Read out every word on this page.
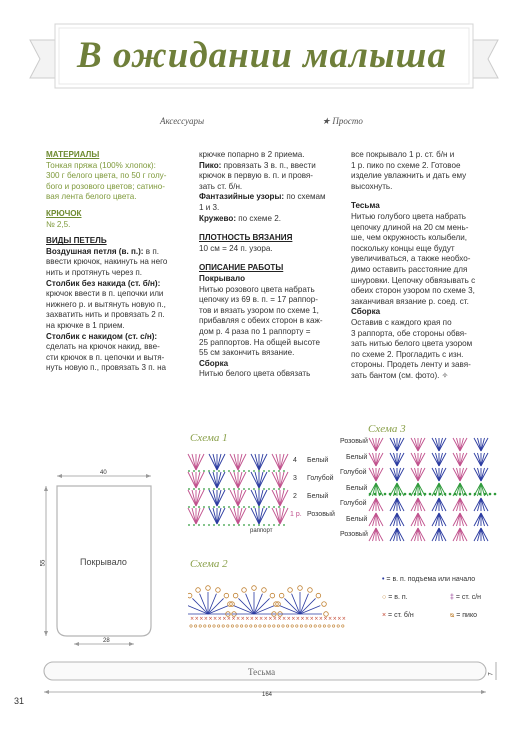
В ожидании малыша
Аксессуары	★ Просто

МАТЕРИАЛЫ

Тонкая пряжа (100% хлопок):

300 г белого цвета, по 50 г голу-

бого и розового цветов; сатино-

вая лента белого цвета.

КРЮЧОК

№ 2,5.

ВИДЫ ПЕТЕЛЬ

Воздушная петля (в. п.): в п.

ввести крючок, накинуть на него

нить и протянуть через п.

Столбик без накида (ст. б/н):

крючок ввести в п. цепочки или

нижнего р. и вытянуть новую п.,

захватить нить и провязать 2 п.

на крючке в 1 прием.

Столбик с накидом (ст. с/н):

сделать на крючок накид, вве-

сти крючок в п. цепочки и вытя-

нуть новую п., провязать 3 п. на

крючке попарно в 2 приема.

Пико: провязать 3 в. п., ввести

крючок в первую в. п. и провя-

зать ст. б/н.

Фантазийные узоры: по схемам

1 и 3.

Кружево: по схеме 2.

ПЛОТНОСТЬ ВЯЗАНИЯ

10 см = 24 п. узора.

ОПИСАНИЕ РАБОТЫ

Покрывало

Нитью розового цвета набрать

цепочку из 69 в. п. = 17 раппор-

тов и вязать узором по схеме 1,

прибавляя с обеих сторон в каж-

дом р. 4 раза по 1 раппорту =

25 раппортов. На общей высоте

55 см закончить вязание.

Сборка

Нитью белого цвета обвязать

все покрывало 1 р. ст. б/н и

1 р. пико по схеме 2. Готовое

изделие увлажнить и дать ему

высохнуть.

Тесьма

Нитью голубого цвета набрать

цепочку длиной на 20 см мень-

ше, чем окружность колыбели,

поскольку концы еще будут

увеличиваться, а также необхо-

димо оставить расстояние для

шнуровки. Цепочку обвязывать с

обеих сторон узором по схеме 3,

заканчивая вязание р. соед. ст.

Сборка

Оставив с каждого края по

3 раппорта, обе стороны обвя-

зать нитью белого цвета узором

по схеме 2. Прогладить с изн.

стороны. Продеть ленту и завя-

зать бантом (см. фото). ✧

40
55
28
Покрывало
Схема 1
4 Белый
3 Голубой
2 Белый
1 р. Розовый
раппорт
Схема 3
Розовый
Белый
Голубой
Белый
Голубой
Белый
Розовый
Схема 2
× × × × × × × × × × × × × × × × × × × × × × × × × × × × × × × × × ×
• = в. п. подъема или начало
○ = в. п.	‡ = ст. с/н
× = ст. б/н	ᴓ = пико
Тесьма
164
7
31
